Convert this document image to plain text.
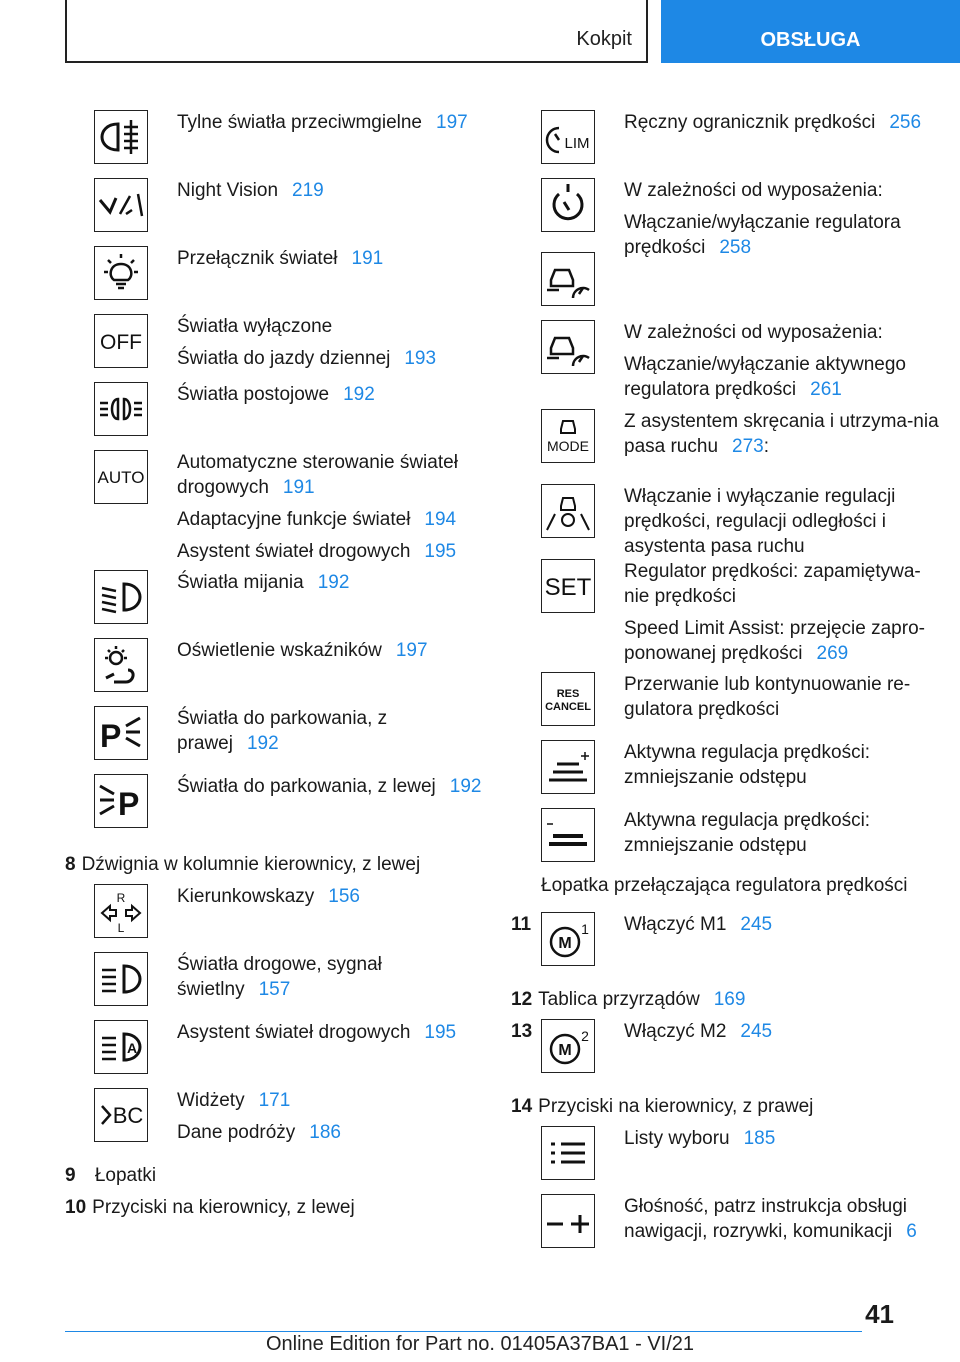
Kokpit	OBSŁUGA

Tylne światła przeciwmgielne 197

Night Vision 219

Przełącznik świateł 191

OFF

Światła wyłączone

Światła do jazdy dziennej 193

Światła postojowe 192

AUTO

Automatyczne sterowanie świateł drogowych 191

Adaptacyjne funkcje świateł 194

Asystent świateł drogowych 195

Światła mijania 192

Oświetlenie wskaźników 197

P	Światła do parkowania, z prawej 192

P Światła do parkowania, z lewej 192

8 Dźwignia w kolumnie kierownicy, z lewej
R
L

Kierunkowskazy 156

Światła drogowe, sygnał świetlny 157

A

Asystent świateł drogowych 195

BC

Widżety 171

Dane podróży 186

9 Łopatki
10 Przyciski na kierownicy, z lewej
LIM

Ręczny ogranicznik prędkości 256

W zależności od wyposażenia:

Włączanie/wyłączanie regulatora prędkości 258

W zależności od wyposażenia:

Włączanie/wyłączanie aktywnego regulatora prędkości 261

MODE

Z asystentem skręcania i utrzyma-nia pasa ruchu 273:

Włączanie i wyłączanie regulacji prędkości, regulacji odległości i asystenta pasa ruchu

SET

Regulator prędkości: zapamiętywa-nie prędkości

Speed Limit Assist: przejęcie zapro-ponowanej prędkości 269

RES
CANCEL

Przerwanie lub kontynuowanie re-gulatora prędkości

Aktywna regulacja prędkości: zmniejszanie odstępu

Aktywna regulacja prędkości: zmniejszanie odstępu

Łopatka przełączająca regulatora prędkości
11
M
1 Włączyć M1 245

12 Tablica przyrządów 169
13
M
2 Włączyć M2 245

14 Przyciski na kierownicy, z prawej

Listy wyboru 185

Głośność, patrz instrukcja obsługi nawigacji, rozrywki, komunikacji 6

41
Online Edition for Part no. 01405A37BA1 - VI/21
